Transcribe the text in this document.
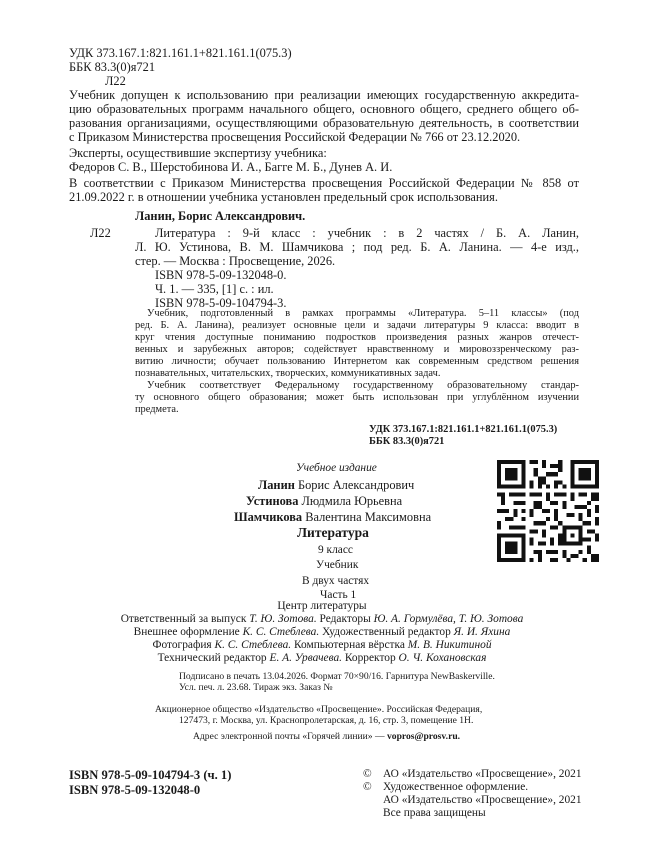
УДК 373.167.1:821.161.1+821.161.1(075.3)
ББК 83.3(0)я721
Л22
Учебник допущен к использованию при реализации имеющих государственную аккредита-
цию образовательных программ начального общего, основного общего, среднего общего об-
разования организациями, осуществляющими образовательную деятельность, в соответствии
с Приказом Министерства просвещения Российской Федерации № 766 от 23.12.2020.
Эксперты, осуществившие экспертизу учебника:
Федоров С. В., Шерстобинова И. А., Багге М. Б., Дунев А. И.
В соответствии с Приказом Министерства просвещения Российской Федерации № 858 от
21.09.2022 г. в отношении учебника установлен предельный срок использования.
Ланин, Борис Александрович.
Л22	Литература : 9-й класс : учебник : в 2 частях / Б. А. Ланин,
Л. Ю. Устинова, В. М. Шамчикова ; под ред. Б. А. Ланина. — 4-е изд.,
стер. — Москва : Просвещение, 2026.
ISBN 978-5-09-132048-0.
Ч. 1. — 335, [1] с. : ил.
ISBN 978-5-09-104794-3.
Учебник, подготовленный в рамках программы «Литература. 5–11 классы» (под
ред. Б. А. Ланина), реализует основные цели и задачи литературы 9 класса: вводит в
круг чтения доступные пониманию подростков произведения разных жанров отечест-
венных и зарубежных авторов; содействует нравственному и мировоззренческому раз-
витию личности; обучает пользованию Интернетом как современным средством решения
познавательных, читательских, творческих, коммуникативных задач.
Учебник соответствует Федеральному государственному образовательному стандар-
ту основного общего образования; может быть использован при углублённом изучении
предмета.
УДК 373.167.1:821.161.1+821.161.1(075.3)
ББК 83.3(0)я721
Учебное издание
Ланин Борис Александрович
Устинова Людмила Юрьевна
Шамчикова Валентина Максимовна
Литература
9 класс
Учебник
В двух частях
Часть 1
Центр литературы
Ответственный за выпуск Т. Ю. Зотова. Редакторы Ю. А. Гормулёва, Т. Ю. Зотова
Внешнее оформление К. С. Стеблева. Художественный редактор Я. И. Яхина
Фотография К. С. Стеблева. Компьютерная вёрстка М. В. Никитиной
Технический редактор Е. А. Урвачева. Корректор О. Ч. Кохановская
Подписано в печать 13.04.2026. Формат 70×90/16. Гарнитура NewBaskerville.
Усл. печ. л. 23.68. Тираж экз. Заказ №
Акционерное общество «Издательство «Просвещение». Российская Федерация,
127473, г. Москва, ул. Краснопролетарская, д. 16, стр. 3, помещение 1Н.
Адрес электронной почты «Горячей линии» — vopros@prosv.ru.
ISBN 978-5-09-104794-3 (ч. 1)
ISBN 978-5-09-132048-0
© АО «Издательство «Просвещение», 2021
© Художественное оформление.
АО «Издательство «Просвещение», 2021
Все права защищены
